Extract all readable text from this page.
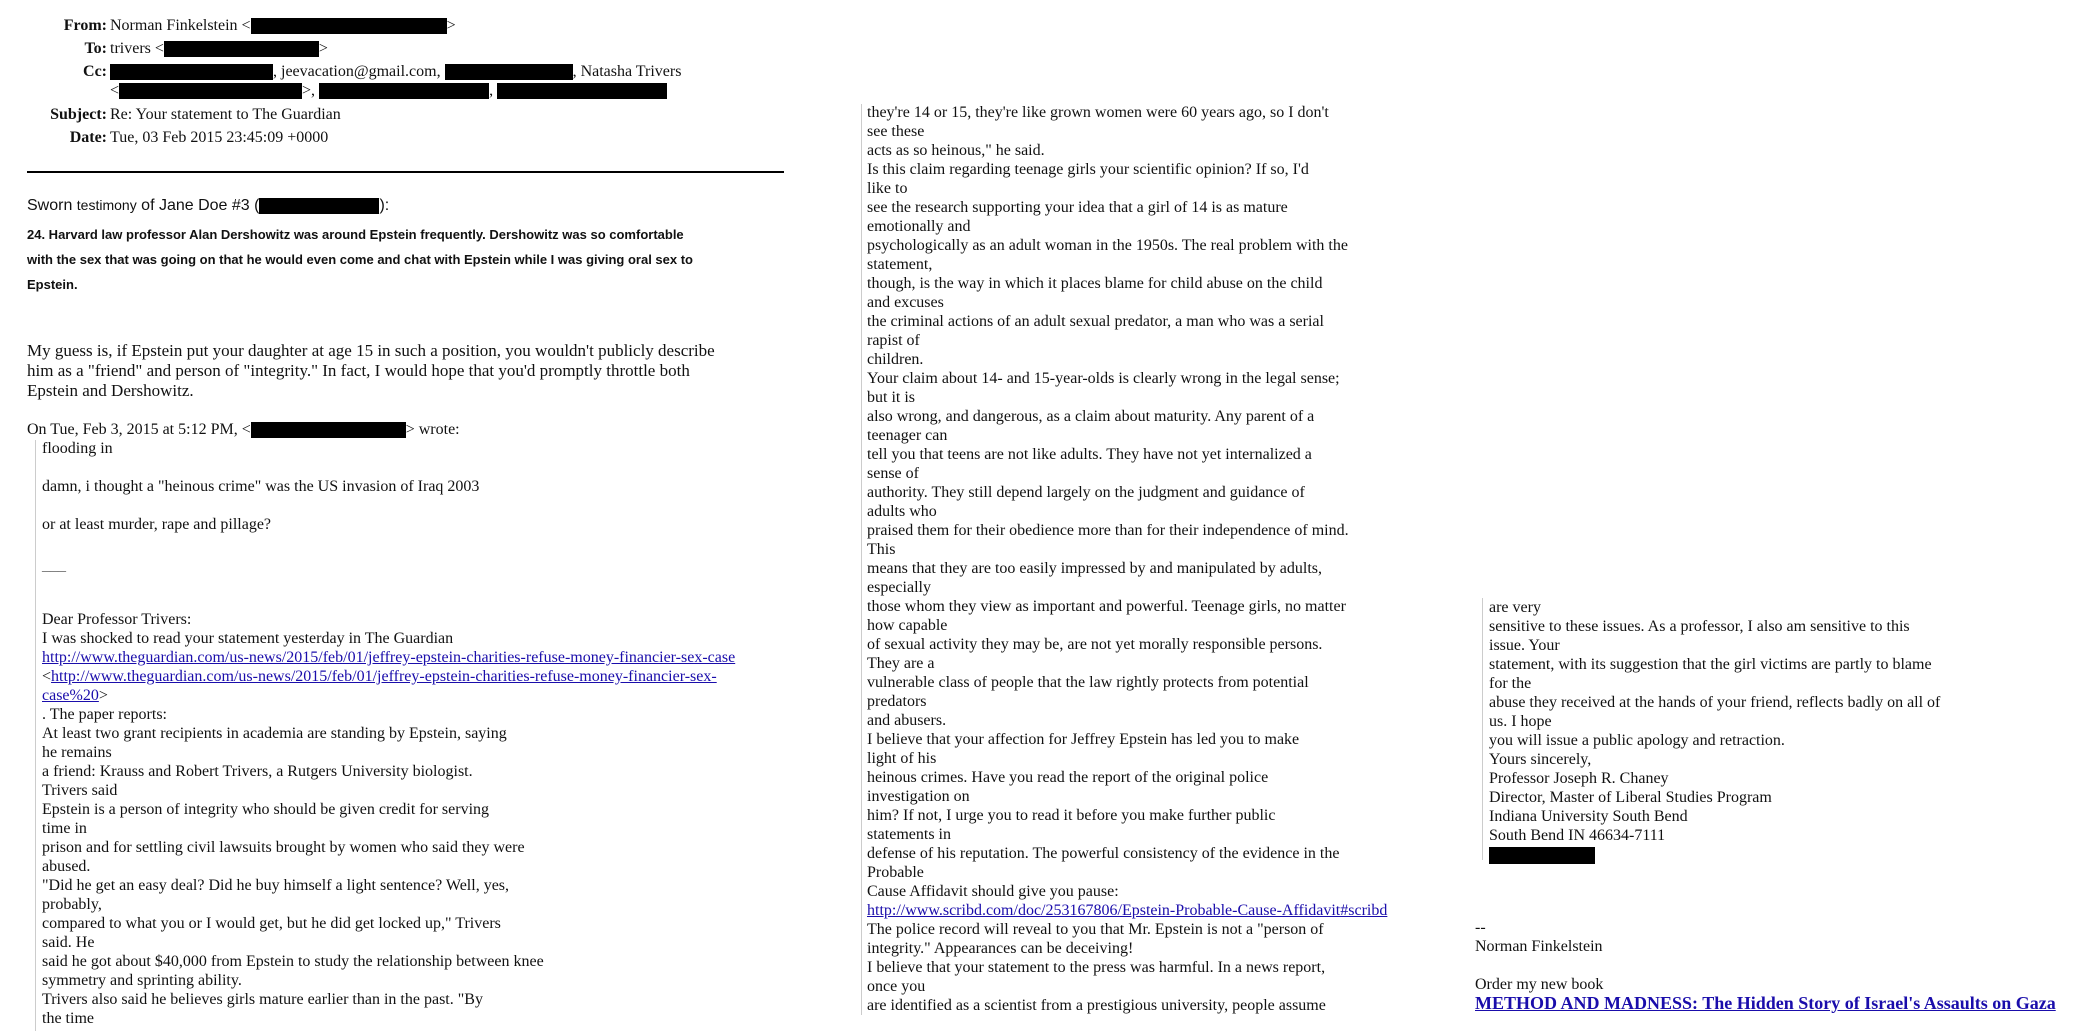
From: Norman Finkelstein <	>
To: trivers <	>
Cc:	, jeevacation@gmail.com,	, Natasha Trivers
<	>,	,
Subject: Re: Your statement to The Guardian
Date: Tue, 03 Feb 2015 23:45:09 +0000
Sworn testimony of Jane Doe #3 (	):
24. Harvard law professor Alan Dershowitz was around Epstein frequently. Dershowitz was so comfortable
with the sex that was going on that he would even come and chat with Epstein while I was giving oral sex to
Epstein.
My guess is, if Epstein put your daughter at age 15 in such a position, you wouldn't publicly describe
him as a "friend" and person of "integrity." In fact, I would hope that you'd promptly throttle both
Epstein and Dershowitz.
On Tue, Feb 3, 2015 at 5:12 PM, <	> wrote:
flooding in
damn, i thought a "heinous crime" was the US invasion of Iraq 2003
or at least murder, rape and pillage?
___
Dear Professor Trivers:
I was shocked to read your statement yesterday in The Guardian
http://www.theguardian.com/us-news/2015/feb/01/jeffrey-epstein-charities-refuse-money-financier-sex-case
<http://www.theguardian.com/us-news/2015/feb/01/jeffrey-epstein-charities-refuse-money-financier-sex-
case%20>
. The paper reports:
At least two grant recipients in academia are standing by Epstein, saying
he remains
a friend: Krauss and Robert Trivers, a Rutgers University biologist.
Trivers said
Epstein is a person of integrity who should be given credit for serving
time in
prison and for settling civil lawsuits brought by women who said they were
abused.
"Did he get an easy deal? Did he buy himself a light sentence? Well, yes,
probably,
compared to what you or I would get, but he did get locked up," Trivers
said. He
said he got about $40,000 from Epstein to study the relationship between knee
symmetry and sprinting ability.
Trivers also said he believes girls mature earlier than in the past. "By
the time
they're 14 or 15, they're like grown women were 60 years ago, so I don't
see these
acts as so heinous," he said.
Is this claim regarding teenage girls your scientific opinion? If so, I'd
like to
see the research supporting your idea that a girl of 14 is as mature
emotionally and
psychologically as an adult woman in the 1950s. The real problem with the
statement,
though, is the way in which it places blame for child abuse on the child
and excuses
the criminal actions of an adult sexual predator, a man who was a serial
rapist of
children.
Your claim about 14- and 15-year-olds is clearly wrong in the legal sense;
but it is
also wrong, and dangerous, as a claim about maturity. Any parent of a
teenager can
tell you that teens are not like adults. They have not yet internalized a
sense of
authority. They still depend largely on the judgment and guidance of
adults who
praised them for their obedience more than for their independence of mind.
This
means that they are too easily impressed by and manipulated by adults,
especially
those whom they view as important and powerful. Teenage girls, no matter
how capable
of sexual activity they may be, are not yet morally responsible persons.
They are a
vulnerable class of people that the law rightly protects from potential
predators
and abusers.
I believe that your affection for Jeffrey Epstein has led you to make
light of his
heinous crimes. Have you read the report of the original police
investigation on
him? If not, I urge you to read it before you make further public
statements in
defense of his reputation. The powerful consistency of the evidence in the
Probable
Cause Affidavit should give you pause:
http://www.scribd.com/doc/253167806/Epstein-Probable-Cause-Affidavit#scribd
The police record will reveal to you that Mr. Epstein is not a "person of
integrity." Appearances can be deceiving!
I believe that your statement to the press was harmful. In a news report,
once you
are identified as a scientist from a prestigious university, people assume
are very
sensitive to these issues. As a professor, I also am sensitive to this
issue. Your
statement, with its suggestion that the girl victims are partly to blame
for the
abuse they received at the hands of your friend, reflects badly on all of
us. I hope
you will issue a public apology and retraction.
Yours sincerely,
Professor Joseph R. Chaney
Director, Master of Liberal Studies Program
Indiana University South Bend
South Bend IN 46634-7111
--
Norman Finkelstein
Order my new book
METHOD AND MADNESS: The Hidden Story of Israel's Assaults on Gaza
